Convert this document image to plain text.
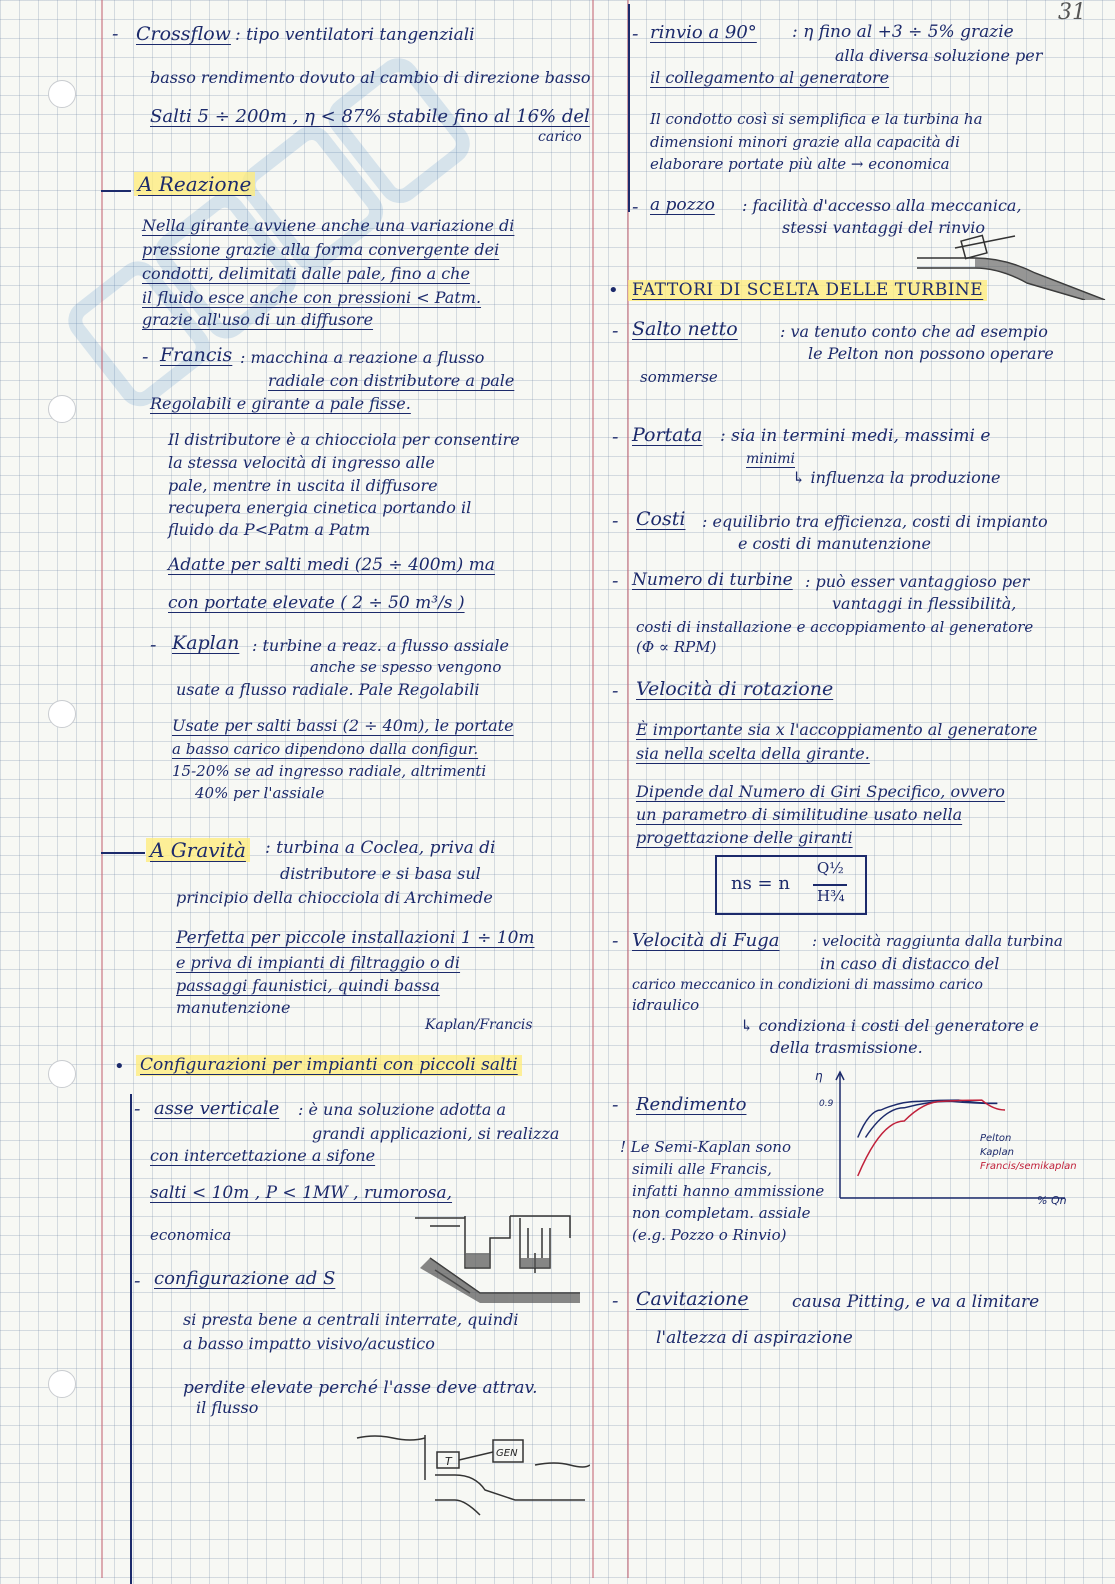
31
- Crossflow : tipo ventilatori tangenziali
basso rendimento dovuto al cambio di direzione basso
Salti 5 ÷ 200m , η < 87% stabile fino al 16% del
carico
A Reazione
Nella girante avviene anche una variazione di
pressione grazie alla forma convergente dei
condotti, delimitati dalle pale, fino a che
il fluido esce anche con pressioni < Patm.
grazie all'uso di un diffusore
- Francis : macchina a reazione a flusso
radiale con distributore a pale
Regolabili e girante a pale fisse.
Il distributore è a chiocciola per consentire
la stessa velocità di ingresso alle
pale, mentre in uscita il diffusore
recupera energia cinetica portando il
fluido da P<Patm a Patm
Adatte per salti medi (25 ÷ 400m) ma
con portate elevate ( 2 ÷ 50 m³/s )
- Kaplan : turbine a reaz. a flusso assiale
anche se spesso vengono
usate a flusso radiale. Pale Regolabili
Usate per salti bassi (2 ÷ 40m), le portate
a basso carico dipendono dalla configur.
15-20% se ad ingresso radiale, altrimenti
40% per l'assiale
A Gravità : turbina a Coclea, priva di
distributore e si basa sul
principio della chiocciola di Archimede
Perfetta per piccole installazioni 1 ÷ 10m
e priva di impianti di filtraggio o di
passaggi faunistici, quindi bassa
manutenzione
Kaplan/Francis
• Configurazioni per impianti con piccoli salti
- asse verticale : è una soluzione adotta a
grandi applicazioni, si realizza
con intercettazione a sifone
salti < 10m , P < 1MW , rumorosa,
economica
- configurazione ad S
si presta bene a centrali interrate, quindi
a basso impatto visivo/acustico
perdite elevate perché l'asse deve attrav.
il flusso
T
GEN
- rinvio a 90° : η fino al +3 ÷ 5% grazie
alla diversa soluzione per
il collegamento al generatore
Il condotto così si semplifica e la turbina ha
dimensioni minori grazie alla capacità di
elaborare portate più alte → economica
- a pozzo : facilità d'accesso alla meccanica,
stessi vantaggi del rinvio
• FATTORI DI SCELTA DELLE TURBINE
- Salto netto	: va tenuto conto che ad esempio
le Pelton non possono operare
sommerse
- Portata : sia in termini medi, massimi e
minimi
↳ influenza la produzione
- Costi : equilibrio tra efficienza, costi di impianto
e costi di manutenzione
- Numero di turbine : può esser vantaggioso per
vantaggi in flessibilità,
costi di installazione e accoppiamento al generatore
(Φ ∝ RPM)
- Velocità di rotazione
È importante sia x l'accoppiamento al generatore
sia nella scelta della girante.
Dipende dal Numero di Giri Specifico, ovvero
un parametro di similitudine usato nella
progettazione delle giranti
ns = n
Q½
H¾
- Velocità di Fuga : velocità raggiunta dalla turbina
in caso di distacco del
carico meccanico in condizioni di massimo carico
idraulico
↳ condiziona i costi del generatore e
della trasmissione.
- Rendimento
! Le Semi-Kaplan sono
simili alle Francis,
infatti hanno ammissione
non completam. assiale
(e.g. Pozzo o Rinvio)
η
0.9
% Qn
Pelton
Kaplan
Francis/semikaplan
- Cavitazione	causa Pitting, e va a limitare
l'altezza di aspirazione
